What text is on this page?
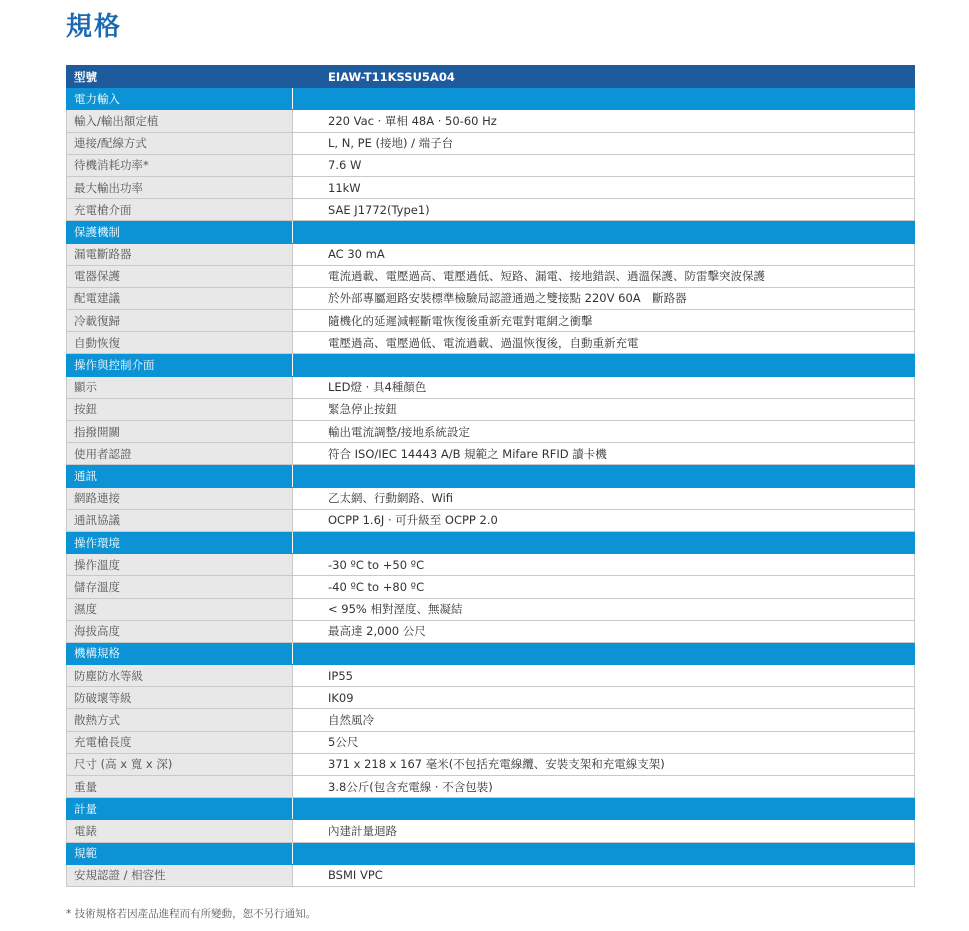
規格
型號	EIAW-T11KSSU5A04
電力輸入	
輸入/輸出額定植	220 Vac · 單相 48A · 50-60 Hz
連接/配線方式	L, N, PE (接地) / 端子台
待機消耗功率*	7.6 W
最大輸出功率	11kW
充電槍介面	SAE J1772(Type1)
保護機制	
漏電斷路器	AC 30 mA
電器保護	電流過載、電壓過高、電壓過低、短路、漏電、接地錯誤、過溫保護、防雷擊突波保護
配電建議	於外部專屬迴路安裝標準檢驗局認證通過之雙接點 220V 60A　斷路器
冷載復歸	隨機化的延遲減輕斷電恢復後重新充電對電網之衝擊
自動恢復	電壓過高、電壓過低、電流過載、過溫恢復後，自動重新充電
操作與控制介面	
顯示	LED燈 · 具4種顏色
按鈕	緊急停止按鈕
指撥開關	輸出電流調整/接地系統設定
使用者認證	符合 ISO/IEC 14443 A/B 規範之 Mifare RFID 讀卡機
通訊	
網路連接	乙太網、行動網路、Wifi
通訊協議	OCPP 1.6J · 可升級至 OCPP 2.0
操作環境	
操作溫度	-30 ºC to +50 ºC
儲存溫度	-40 ºC to +80 ºC
濕度	< 95% 相對溼度、無凝結
海拔高度	最高達 2,000 公尺
機構規格	
防塵防水等級	IP55
防破壞等級	IK09
散熱方式	自然風冷
充電槍長度	5公尺
尺寸 (高 x 寬 x 深)	371 x 218 x 167 毫米(不包括充電線纜、安裝支架和充電線支架)
重量	3.8公斤(包含充電線 · 不含包裝)
計量	
電錶	內建計量迴路
規範	
安規認證 / 相容性	BSMI VPC
* 技術規格若因產品進程而有所變動，恕不另行通知。
